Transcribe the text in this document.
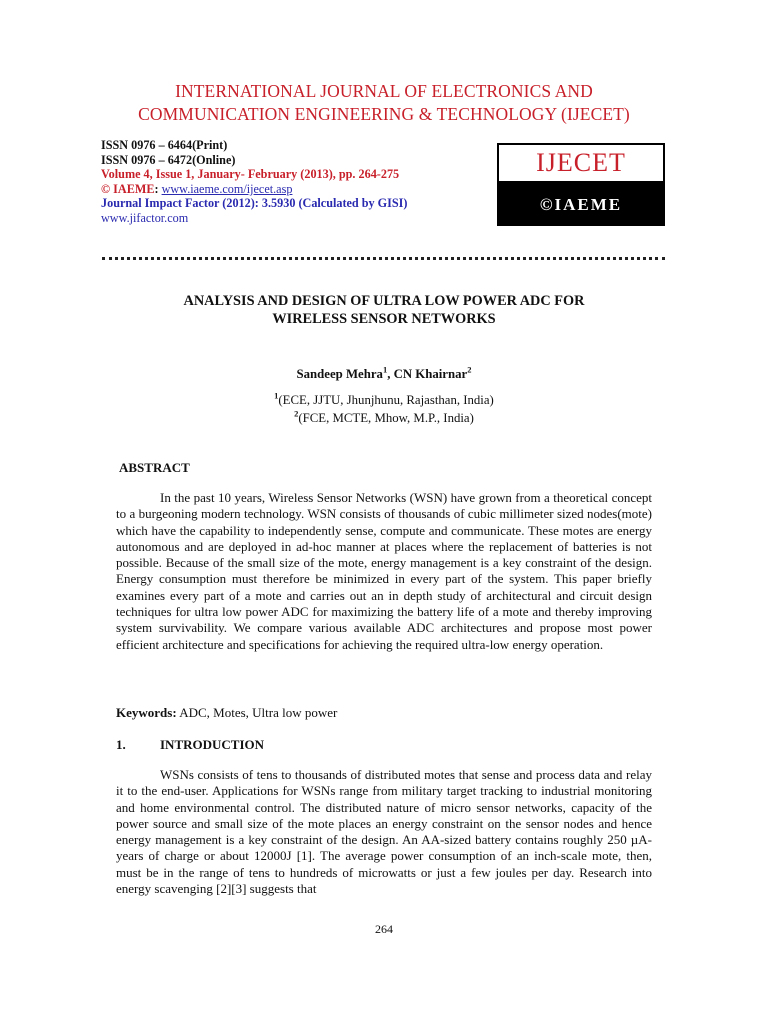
INTERNATIONAL JOURNAL OF ELECTRONICS AND
COMMUNICATION ENGINEERING & TECHNOLOGY (IJECET)
ISSN 0976 – 6464(Print)
ISSN 0976 – 6472(Online)
Volume 4, Issue 1, January- February (2013), pp. 264-275
© IAEME: www.iaeme.com/ijecet.asp
Journal Impact Factor (2012): 3.5930 (Calculated by GISI)
www.jifactor.com
IJECET
©IAEME
ANALYSIS AND DESIGN OF ULTRA LOW POWER ADC FOR
WIRELESS SENSOR NETWORKS
Sandeep Mehra$^1$, CN Khairnar$^2$
$^1$(ECE, JJTU, Jhunjhunu, Rajasthan, India)
$^2$(FCE, MCTE, Mhow, M.P., India)
ABSTRACT
In the past 10 years, Wireless Sensor Networks (WSN) have grown from a theoretical concept to a burgeoning modern technology. WSN consists of thousands of cubic millimeter sized nodes(mote) which have the capability to independently sense, compute and communicate. These motes are energy autonomous and are deployed in ad-hoc manner at places where the replacement of batteries is not possible. Because of the small size of the mote, energy management is a key constraint of the design. Energy consumption must therefore be minimized in every part of the system. This paper briefly examines every part of a mote and carries out an in depth study of architectural and circuit design techniques for ultra low power ADC for maximizing the battery life of a mote and thereby improving system survivability. We compare various available ADC architectures and propose most power efficient architecture and specifications for achieving the required ultra-low energy operation.
Keywords: ADC, Motes, Ultra low power
1.	INTRODUCTION
WSNs consists of tens to thousands of distributed motes that sense and process data and relay it to the end-user. Applications for WSNs range from military target tracking to industrial monitoring and home environmental control. The distributed nature of micro sensor networks, capacity of the power source and small size of the mote places an energy constraint on the sensor nodes and hence energy management is a key constraint of the design. An AA-sized battery contains roughly 250 µA-years of charge or about 12000J [1]. The average power consumption of an inch-scale mote, then, must be in the range of tens to hundreds of microwatts or just a few joules per day. Research into energy scavenging [2][3] suggests that
264
